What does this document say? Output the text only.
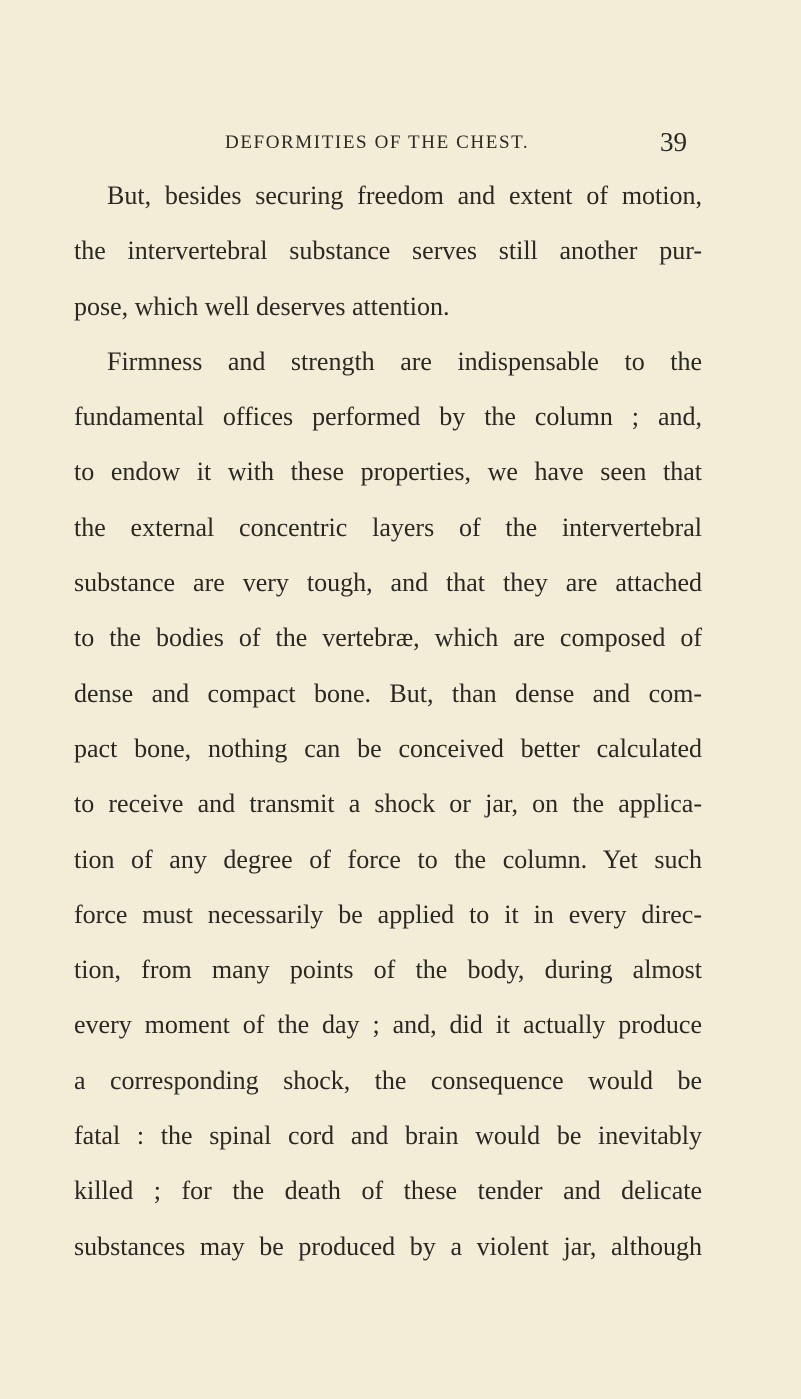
DEFORMITIES OF THE CHEST.	39
But, besides securing freedom and extent of motion,
the intervertebral substance serves still another pur-
pose, which well deserves attention.
Firmness and strength are indispensable to the
fundamental offices performed by the column ; and,
to endow it with these properties, we have seen that
the external concentric layers of the intervertebral
substance are very tough, and that they are attached
to the bodies of the vertebræ, which are composed of
dense and compact bone. But, than dense and com-
pact bone, nothing can be conceived better calculated
to receive and transmit a shock or jar, on the applica-
tion of any degree of force to the column. Yet such
force must necessarily be applied to it in every direc-
tion, from many points of the body, during almost
every moment of the day ; and, did it actually produce
a corresponding shock, the consequence would be
fatal : the spinal cord and brain would be inevitably
killed ; for the death of these tender and delicate
substances may be produced by a violent jar, although
